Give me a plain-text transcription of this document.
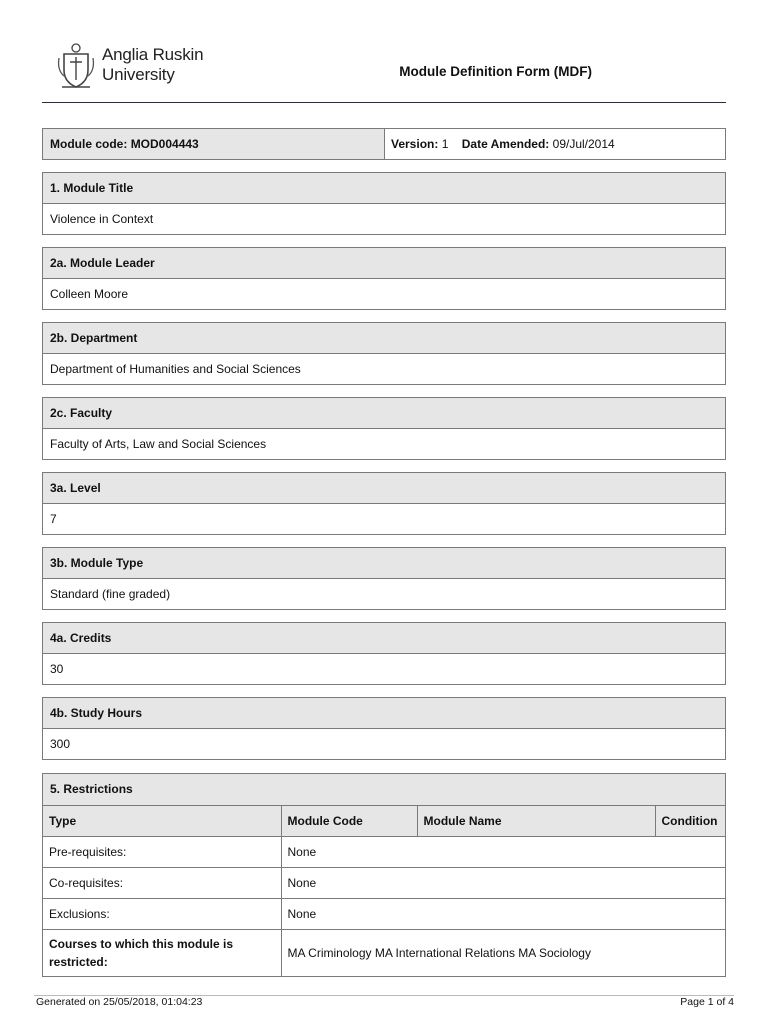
Anglia Ruskin
University	Module Definition Form (MDF)
Module code: MOD004443	Version: 1 Date Amended: 09/Jul/2014
1. Module Title
Violence in Context
2a. Module Leader
Colleen Moore
2b. Department
Department of Humanities and Social Sciences
2c. Faculty
Faculty of Arts, Law and Social Sciences
3a. Level
7
3b. Module Type
Standard (fine graded)
4a. Credits
30
4b. Study Hours
300
5. Restrictions
Type	Module Code	Module Name	Condition
Pre-requisites:	None		
Co-requisites:	None		
Exclusions:	None		
Courses to which this module is restricted:	MA Criminology MA International Relations MA Sociology		
Generated on 25/05/2018, 01:04:23	Page 1 of 4
